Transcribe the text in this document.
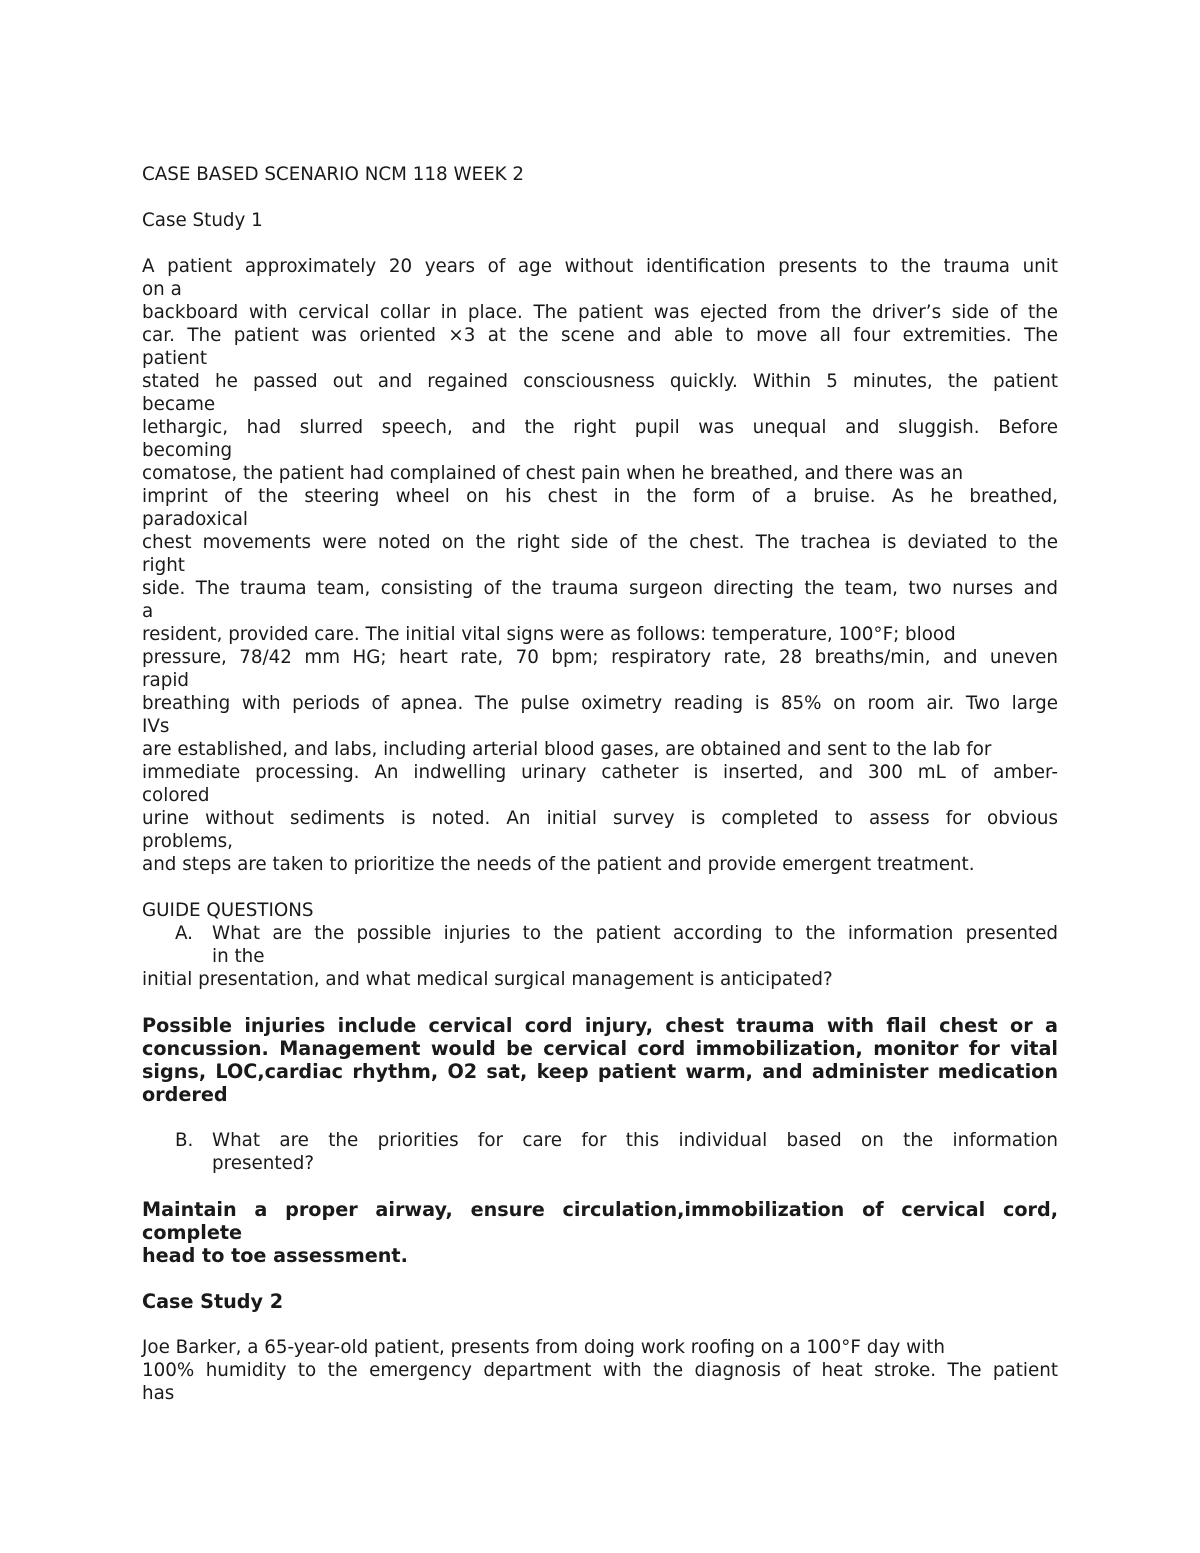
CASE BASED SCENARIO NCM 118 WEEK 2
Case Study 1
A patient approximately 20 years of age without identification presents to the trauma unit
on a
backboard with cervical collar in place. The patient was ejected from the driver’s side of the
car. The patient was oriented ×3 at the scene and able to move all four extremities. The
patient
stated he passed out and regained consciousness quickly. Within 5 minutes, the patient
became
lethargic, had slurred speech, and the right pupil was unequal and sluggish. Before
becoming
comatose, the patient had complained of chest pain when he breathed, and there was an
imprint of the steering wheel on his chest in the form of a bruise. As he breathed,
paradoxical
chest movements were noted on the right side of the chest. The trachea is deviated to the
right
side. The trauma team, consisting of the trauma surgeon directing the team, two nurses and
a
resident, provided care. The initial vital signs were as follows: temperature, 100°F; blood
pressure, 78/42 mm HG; heart rate, 70 bpm; respiratory rate, 28 breaths/min, and uneven
rapid
breathing with periods of apnea. The pulse oximetry reading is 85% on room air. Two large
IVs
are established, and labs, including arterial blood gases, are obtained and sent to the lab for
immediate processing. An indwelling urinary catheter is inserted, and 300 mL of amber-
colored
urine without sediments is noted. An initial survey is completed to assess for obvious
problems,
and steps are taken to prioritize the needs of the patient and provide emergent treatment.
GUIDE QUESTIONS
A. What are the possible injuries to the patient according to the information presented
in the
initial presentation, and what medical surgical management is anticipated?
Possible injuries include cervical cord injury, chest trauma with flail chest or a
concussion. Management would be cervical cord immobilization, monitor for vital
signs, LOC,cardiac rhythm, O2 sat, keep patient warm, and administer medication
ordered
B. What are the priorities for care for this individual based on the information
presented?
Maintain a proper airway, ensure circulation,immobilization of cervical cord,
complete
head to toe assessment.
Case Study 2
Joe Barker, a 65-year-old patient, presents from doing work roofing on a 100°F day with
100% humidity to the emergency department with the diagnosis of heat stroke. The patient
has
